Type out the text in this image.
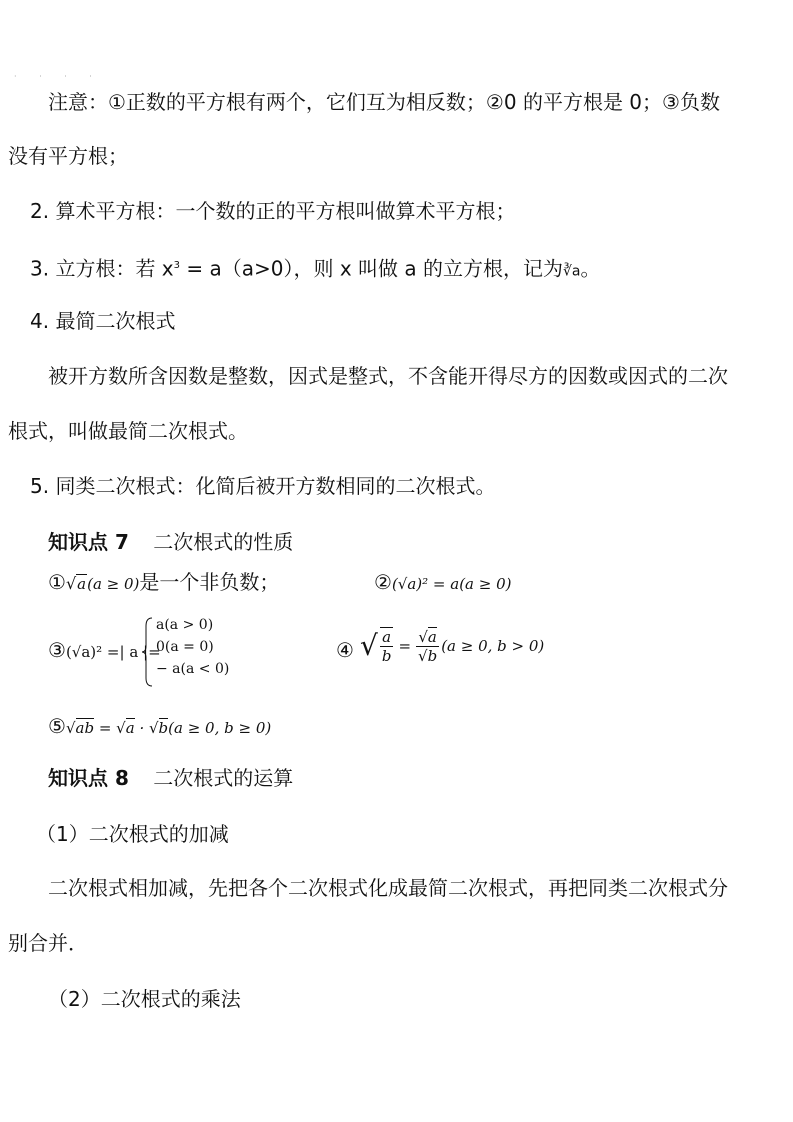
· · · ·
注意：①正数的平方根有两个，它们互为相反数；②0 的平方根是 0；③负数
没有平方根；
2. 算术平方根：一个数的正的平方根叫做算术平方根；
3. 立方根：若 $x^3 = a(a>0)$，则 x 叫做 a 的立方根，记为∛a。
4. 最简二次根式
被开方数所含因数是整数，因式是整式，不含能开得尽方的因数或因式的二次
根式，叫做最简二次根式。
5. 同类二次根式：化简后被开方数相同的二次根式。
知识点 7 二次根式的性质
①√a(a ≥ 0)是一个非负数；	②(√a)² = a(a ≥ 0)
③(√a)² =| a |=
a(a > 0)
0(a = 0)
− a(a < 0)
④ √ $\frac{a}{b} = \frac{√a}{√b} (a \ge 0$, b > 0)
⑤√ab = √a · √b(a ≥ 0, b ≥ 0)
知识点 8 二次根式的运算
（1）二次根式的加减
二次根式相加减，先把各个二次根式化成最简二次根式，再把同类二次根式分
别合并．
（2）二次根式的乘法
